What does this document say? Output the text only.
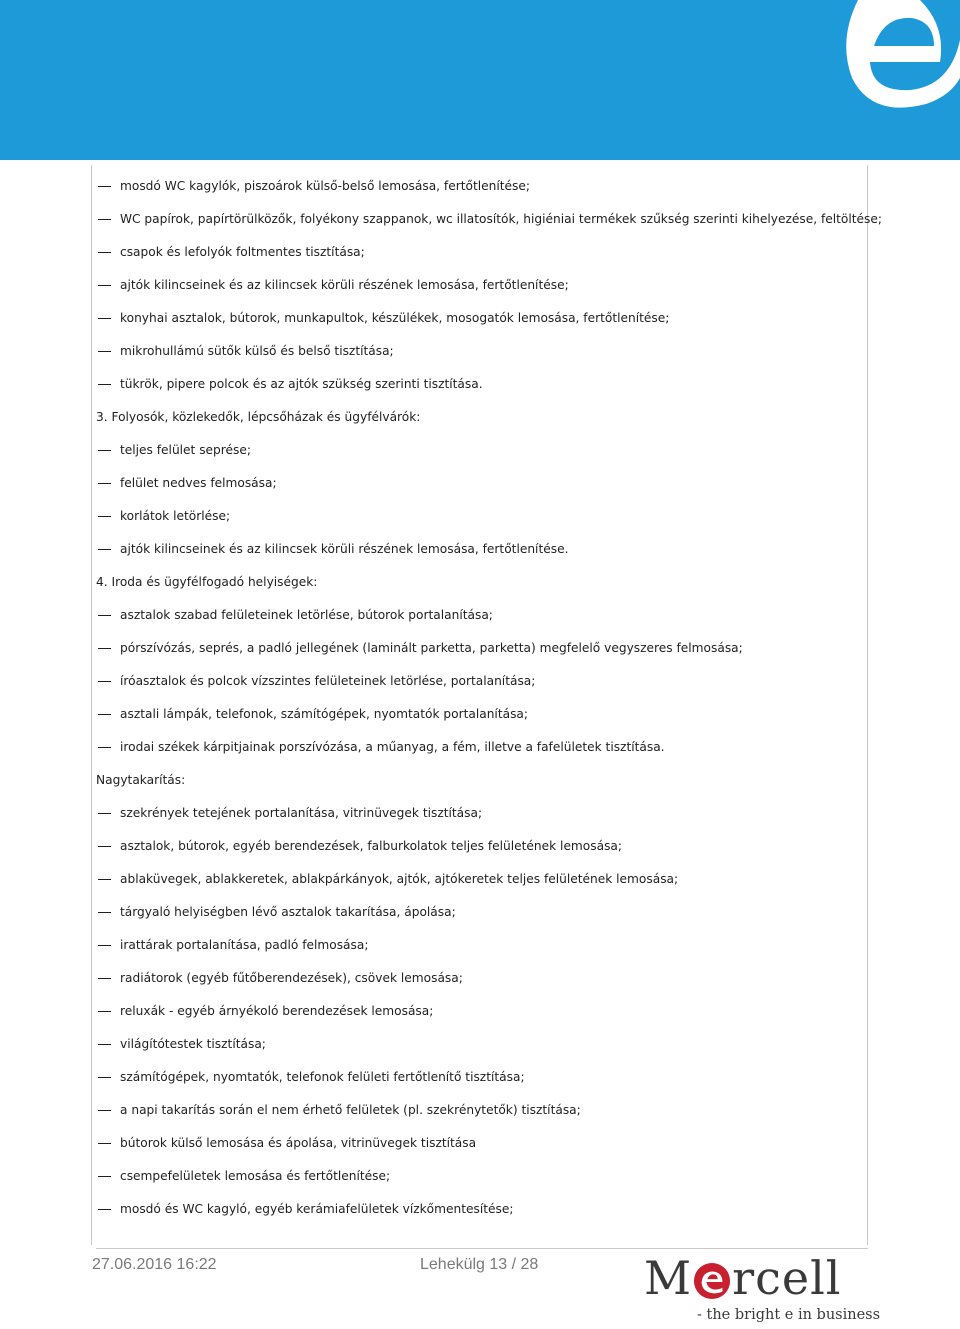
mosdó WC kagylók, piszoárok külső-belső lemosása, fertőtlenítése;
WC papírok, papírtörülközők, folyékony szappanok, wc illatosítók, higiéniai termékek szűkség szerinti kihelyezése, feltöltése;
csapok és lefolyók foltmentes tisztítása;
ajtók kilincseinek és az kilincsek körüli részének lemosása, fertőtlenítése;
konyhai asztalok, bútorok, munkapultok, készülékek, mosogatók lemosása, fertőtlenítése;
mikrohullámú sütők külső és belső tisztítása;
tükrök, pipere polcok és az ajtók szükség szerinti tisztítása.
3. Folyosók, közlekedők, lépcsőházak és ügyfélvárók:
teljes felület seprése;
felület nedves felmosása;
korlátok letörlése;
ajtók kilincseinek és az kilincsek körüli részének lemosása, fertőtlenítése.
4. Iroda és ügyfélfogadó helyiségek:
asztalok szabad felületeinek letörlése, bútorok portalanítása;
pórszívózás, seprés, a padló jellegének (laminált parketta, parketta) megfelelő vegyszeres felmosása;
íróasztalok és polcok vízszintes felületeinek letörlése, portalanítása;
asztali lámpák, telefonok, számítógépek, nyomtatók portalanítása;
irodai székek kárpitjainak porszívózása, a műanyag, a fém, illetve a fafelületek tisztítása.
Nagytakarítás:
szekrények tetejének portalanítása, vitrinüvegek tisztítása;
asztalok, bútorok, egyéb berendezések, falburkolatok teljes felületének lemosása;
ablaküvegek, ablakkeretek, ablakpárkányok, ajtók, ajtókeretek teljes felületének lemosása;
tárgyaló helyiségben lévő asztalok takarítása, ápolása;
irattárak portalanítása, padló felmosása;
radiátorok (egyéb fűtőberendezések), csövek lemosása;
reluxák - egyéb árnyékoló berendezések lemosása;
világítótestek tisztítása;
számítógépek, nyomtatók, telefonok felületi fertőtlenítő tisztítása;
a napi takarítás során el nem érhető felületek (pl. szekrénytetők) tisztítása;
bútorok külső lemosása és ápolása, vitrinüvegek tisztítása
csempefelületek lemosása és fertőtlenítése;
mosdó és WC kagyló, egyéb kerámiafelületek vízkőmentesítése;
27.06.2016 16:22	Lehekülg 13 / 28 M rcell
- the bright e in business
